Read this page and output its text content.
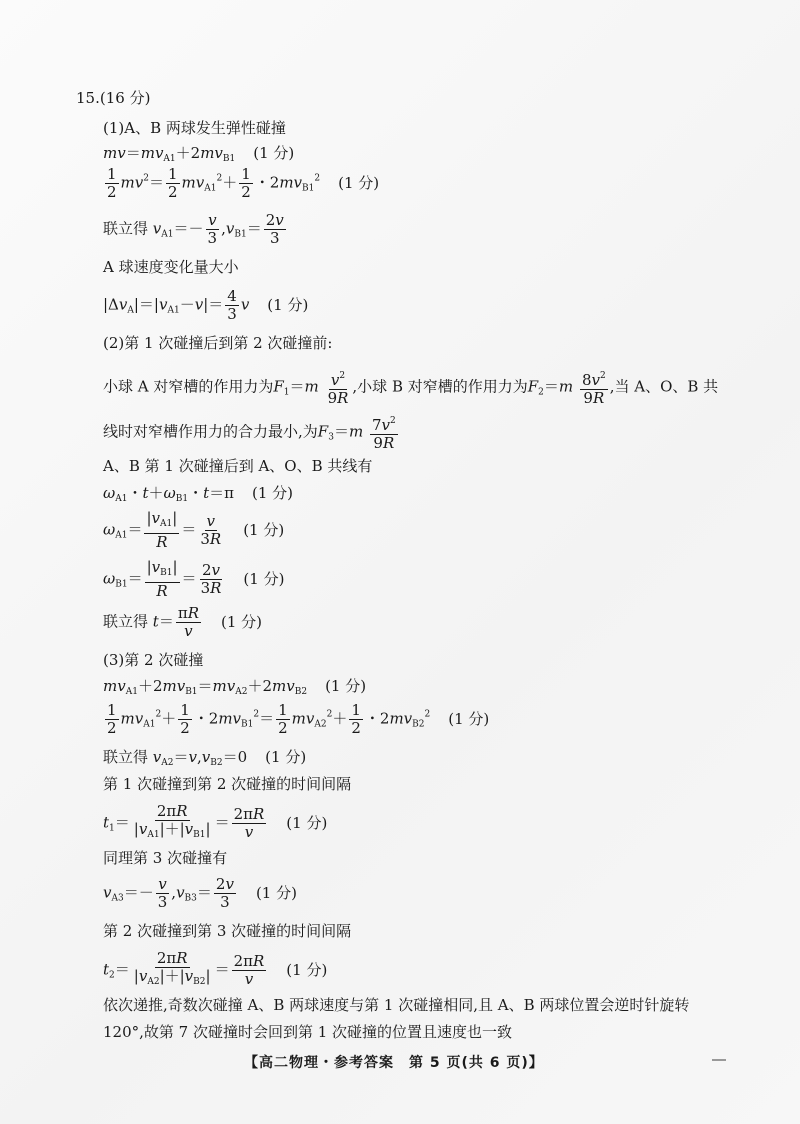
15.(16 分)
(1)A、B 两球发生弹性碰撞
$mv=mv_{A1}+2mv_{B1}$ (1 分)
$\frac{1}{2} mv^2= \frac{1}{2} mv_{A1}^2+ \frac{1}{2}$ ・$2mv_{B1}^2$ (1 分)
联立得 $v_{A1}=- \frac{v}{3} ,v_{B1}= \frac{2v}{3}$
A 球速度变化量大小
$|\Delta v_A|=|v_{A1}-v|= \frac{4}{3}$ v (1 分)
(2)第 1 次碰撞后到第 2 次碰撞前:
小球 A 对窄槽的作用力为$F_1=m \frac{v^2}{9R}$ ,小球 B 对窄槽的作用力为$F_2=m \frac{8v^2}{9R}$ ,当 A、O、B 共
线时对窄槽作用力的合力最小,为$F_3=m \frac{7v^2}{9R}$
A、B 第 1 次碰撞后到 A、O、B 共线有
$\omega_{A1}$・$t+\omega_{B1}$・t＝π (1 分)
$\omega_{A1}= \frac{|v_{A1}|}{R} = \frac{v}{3R} (1$ 分)
$\omega_{B1}= \frac{|v_{B1}|}{R} = \frac{2v}{3R} (1$ 分)
联立得 $t= \frac{\pi R}{v} (1$ 分)
(3)第 2 次碰撞
$mv_{A1}+2mv_{B1}=mv_{A2}+2mv_{B2}$ (1 分)
$\frac{1}{2} mv_{A1}^2+ \frac{1}{2}$ ・$2mv_{B1}^2= \frac{1}{2} mv_{A2}^2+ \frac{1}{2}$ ・$2mv_{B2}^2$ (1 分)
联立得 $v_{A2}=v,v_{B2}=0$ (1 分)
第 1 次碰撞到第 2 次碰撞的时间间隔
$t_1= \frac{2\pi R}{|v_{A1}|+|v_{B1}|} = \frac{2\pi R}{v} (1$ 分)
同理第 3 次碰撞有
$v_{A3}=- \frac{v}{3} ,v_{B3}= \frac{2v}{3} (1$ 分)
第 2 次碰撞到第 3 次碰撞的时间间隔
$t_2= \frac{2\pi R}{|v_{A2}|+|v_{B2}|} = \frac{2\pi R}{v} (1$ 分)
依次递推,奇数次碰撞 A、B 两球速度与第 1 次碰撞相同,且 A、B 两球位置会逆时针旋转
120°,故第 7 次碰撞时会回到第 1 次碰撞的位置且速度也一致
【高二物理・参考答案　第 5 页(共 6 页)】
